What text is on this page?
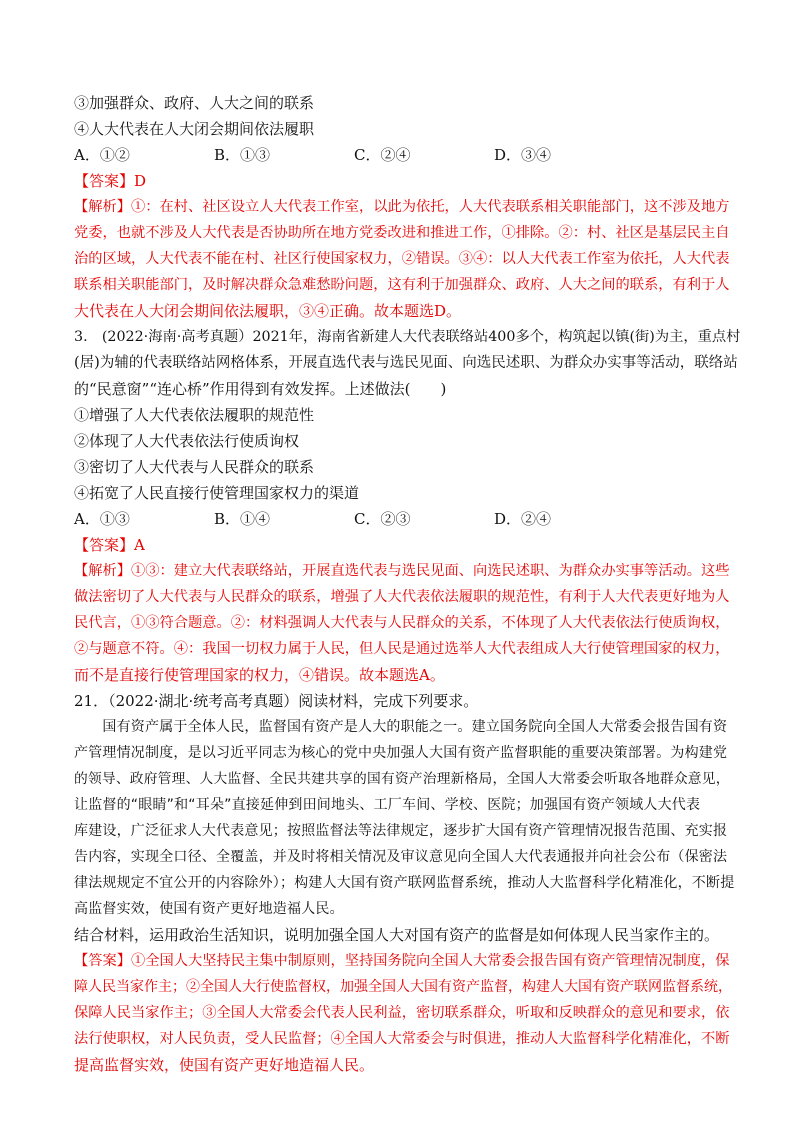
③加强群众、政府、人大之间的联系
④人大代表在人大闭会期间依法履职
A．①②	B．①③	C．②④	D．③④
【答案】D
【解析】①：在村、社区设立人大代表工作室，以此为依托，人大代表联系相关职能部门，这不涉及地方
党委，也就不涉及人大代表是否协助所在地方党委改进和推进工作，①排除。②：村、社区是基层民主自
治的区域，人大代表不能在村、社区行使国家权力，②错误。③④：以人大代表工作室为依托，人大代表
联系相关职能部门，及时解决群众急难愁盼问题，这有利于加强群众、政府、人大之间的联系，有利于人
大代表在人大闭会期间依法履职，③④正确。故本题选D。
3.　(2022·海南·高考真题）2021年，海南省新建人大代表联络站400多个，构筑起以镇(街)为主，重点村
(居)为辅的代表联络站网格体系，开展直选代表与选民见面、向选民述职、为群众办实事等活动，联络站
的“民意窗”“连心桥”作用得到有效发挥。上述做法(　　)
①增强了人大代表依法履职的规范性
②体现了人大代表依法行使质询权
③密切了人大代表与人民群众的联系
④拓宽了人民直接行使管理国家权力的渠道
A．①③	B．①④	C．②③	D．②④
【答案】A
【解析】①③：建立大代表联络站，开展直选代表与选民见面、向选民述职、为群众办实事等活动。这些
做法密切了人大代表与人民群众的联系，增强了人大代表依法履职的规范性，有利于人大代表更好地为人
民代言，①③符合题意。②：材料强调人大代表与人民群众的关系，不体现了人大代表依法行使质询权，
②与题意不符。④：我国一切权力属于人民，但人民是通过选举人大代表组成人大行使管理国家的权力，
而不是直接行使管理国家的权力，④错误。故本题选A。
21．（2022·湖北·统考高考真题）阅读材料，完成下列要求。
　　国有资产属于全体人民，监督国有资产是人大的职能之一。建立国务院向全国人大常委会报告国有资
产管理情况制度，是以习近平同志为核心的党中央加强人大国有资产监督职能的重要决策部署。为构建党
的领导、政府管理、人大监督、全民共建共享的国有资产治理新格局，全国人大常委会听取各地群众意见，
让监督的“眼睛”和“耳朵”直接延伸到田间地头、工厂车间、学校、医院；加强国有资产领域人大代表
库建设，广泛征求人大代表意见；按照监督法等法律规定，逐步扩大国有资产管理情况报告范围、充实报
告内容，实现全口径、全覆盖，并及时将相关情况及审议意见向全国人大代表通报并向社会公布（保密法
律法规规定不宜公开的内容除外）；构建人大国有资产联网监督系统，推动人大监督科学化精准化，不断提
高监督实效，使国有资产更好地造福人民。
结合材料，运用政治生活知识，说明加强全国人大对国有资产的监督是如何体现人民当家作主的。
【答案】①全国人大坚持民主集中制原则，坚持国务院向全国人大常委会报告国有资产管理情况制度，保
障人民当家作主；②全国人大行使监督权，加强全国人大国有资产监督，构建人大国有资产联网监督系统，
保障人民当家作主；③全国人大常委会代表人民利益，密切联系群众，听取和反映群众的意见和要求，依
法行使职权，对人民负责，受人民监督；④全国人大常委会与时俱进，推动人大监督科学化精准化，不断
提高监督实效，使国有资产更好地造福人民。
